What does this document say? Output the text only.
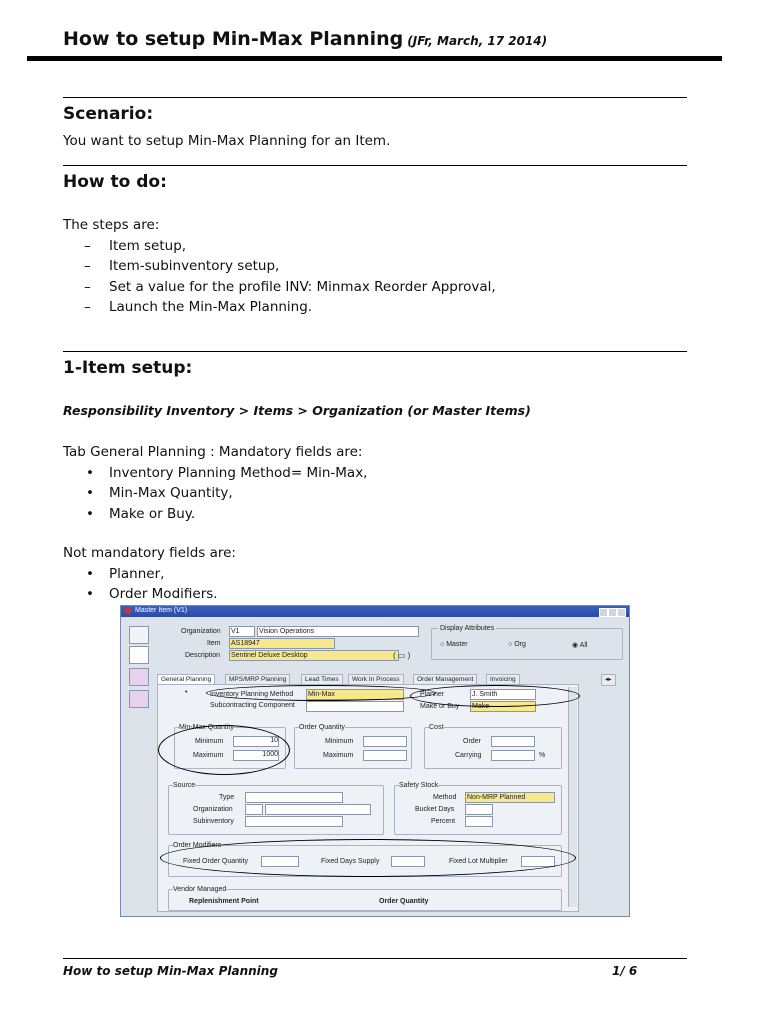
How to setup Min-Max Planning (JFr, March, 17 2014)
Scenario:
You want to setup Min-Max Planning for an Item.
How to do:
The steps are:
– Item setup,
– Item-subinventory setup,
– Set a value for the profile INV: Minmax Reorder Approval,
– Launch the Min-Max Planning.
1-Item setup:
Responsibility Inventory > Items > Organization (or Master Items)
Tab General Planning : Mandatory fields are:
• Inventory Planning Method= Min-Max,
• Min-Max Quantity,
• Make or Buy.
Not mandatory fields are:
• Planner,
• Order Modifiers.
Master Item (V1)
Organization V1	Vision Operations
Item AS18947
Description Sentinel Deluxe Desktop	( ▭ )
Display Attributes
○ Master	○ Org	◉ All
General Planning	MPS/MRP Planning	Lead Times	Work In Process	Order Management	Invoicing	◂▸
•	Inventory Planning Method Min-Max
Subcontracting Component
Planner	J. Smith
Make or Buy Make
Min-Max Quantity
Minimum	10
Maximum	1000
Order Quantity
Minimum
Maximum
Cost
Order
Carrying	%
Source
Type
Organization
Subinventory
Safety Stock
Method Non-MRP Planned
Bucket Days
Percent
Order Modifiers
Fixed Order Quantity	Fixed Days Supply	Fixed Lot Multiplier
Vendor Managed
Replenishment Point	Order Quantity
How to setup Min-Max Planning	1/ 6
